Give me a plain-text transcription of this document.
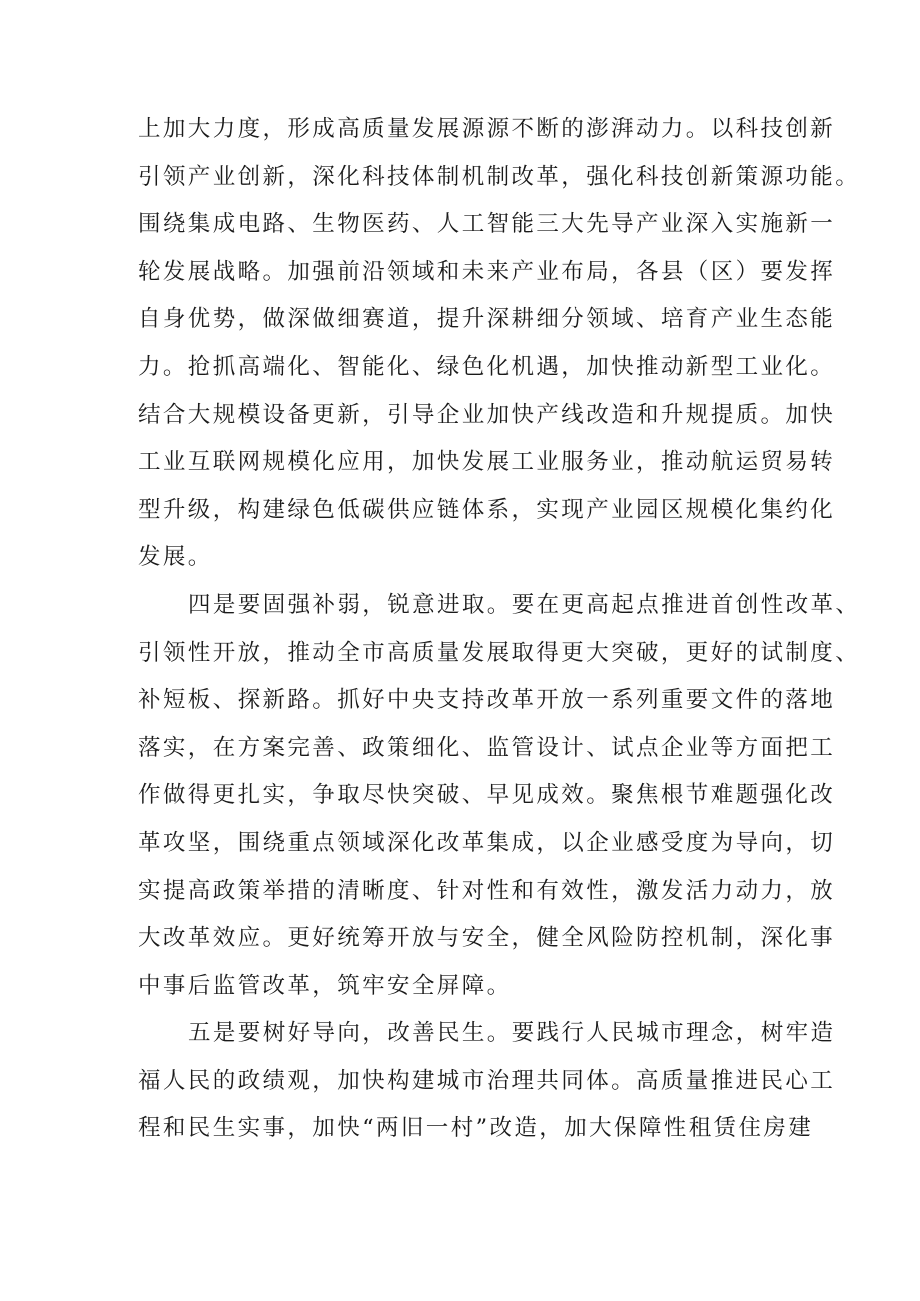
上加大力度，形成高质量发展源源不断的澎湃动力。以科技创新
引领产业创新，深化科技体制机制改革，强化科技创新策源功能。
围绕集成电路、生物医药、人工智能三大先导产业深入实施新一
轮发展战略。加强前沿领域和未来产业布局，各县（区）要发挥
自身优势，做深做细赛道，提升深耕细分领域、培育产业生态能
力。抢抓高端化、智能化、绿色化机遇，加快推动新型工业化。
结合大规模设备更新，引导企业加快产线改造和升规提质。加快
工业互联网规模化应用，加快发展工业服务业，推动航运贸易转
型升级，构建绿色低碳供应链体系，实现产业园区规模化集约化
发展。
四是要固强补弱，锐意进取。要在更高起点推进首创性改革、
引领性开放，推动全市高质量发展取得更大突破，更好的试制度、
补短板、探新路。抓好中央支持改革开放一系列重要文件的落地
落实，在方案完善、政策细化、监管设计、试点企业等方面把工
作做得更扎实，争取尽快突破、早见成效。聚焦根节难题强化改
革攻坚，围绕重点领域深化改革集成，以企业感受度为导向，切
实提高政策举措的清晰度、针对性和有效性，激发活力动力，放
大改革效应。更好统筹开放与安全，健全风险防控机制，深化事
中事后监管改革，筑牢安全屏障。
五是要树好导向，改善民生。要践行人民城市理念，树牢造
福人民的政绩观，加快构建城市治理共同体。高质量推进民心工
程和民生实事，加快“两旧一村”改造，加大保障性租赁住房建
